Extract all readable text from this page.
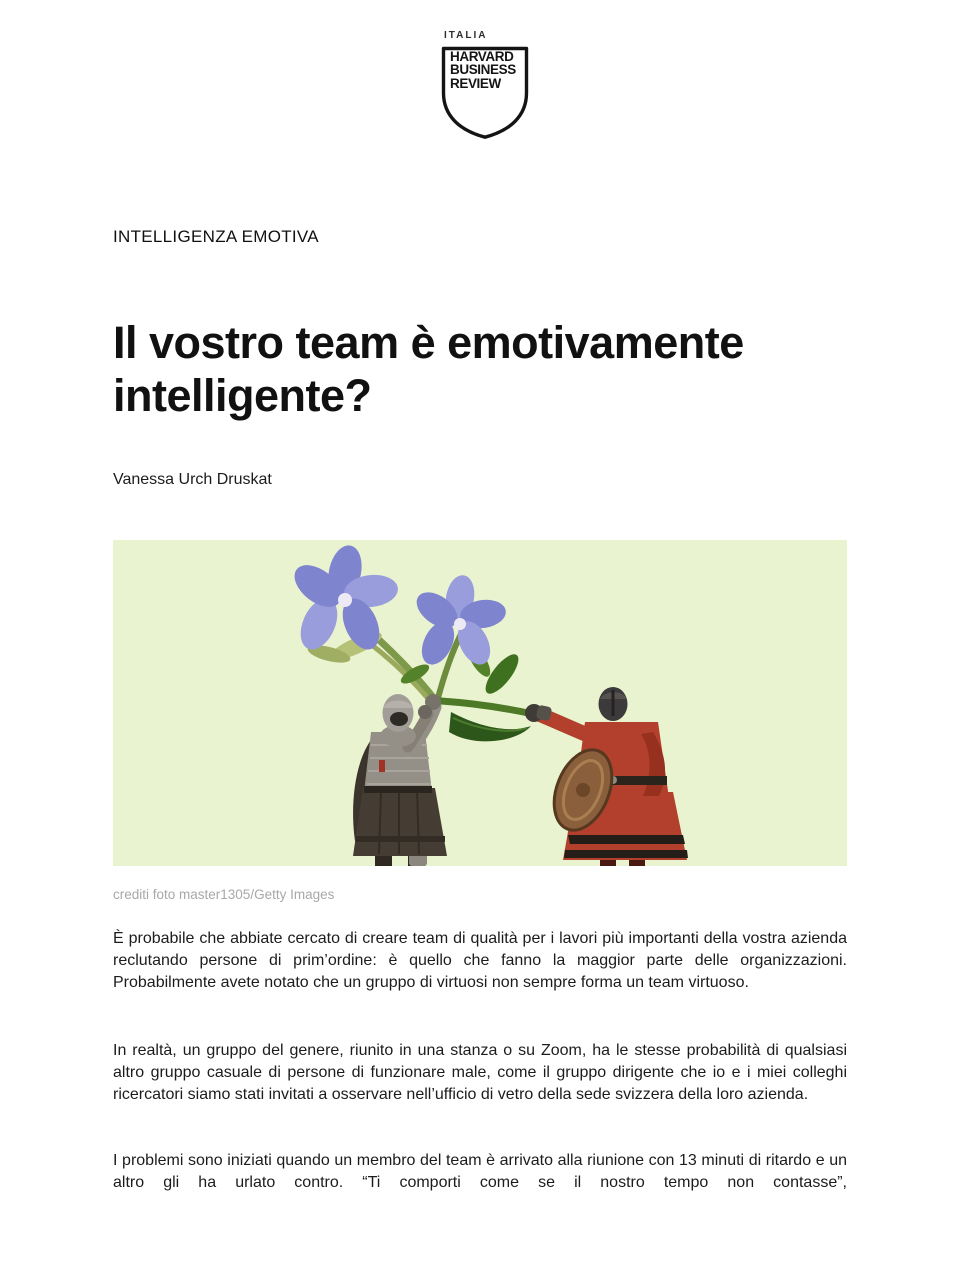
ITALIA
HARVARD
BUSINESS
REVIEW
INTELLIGENZA EMOTIVA
Il vostro team è emotivamente intelligente?
Vanessa Urch Druskat
crediti foto master1305/Getty Images

È probabile che abbiate cercato di creare team di qualità per i lavori più importanti della vostra azienda reclutando persone di prim’ordine: è quello che fanno la maggior parte delle organizzazioni. Probabilmente avete notato che un gruppo di virtuosi non sempre forma un team virtuoso.

In realtà, un gruppo del genere, riunito in una stanza o su Zoom, ha le stesse probabilità di qualsiasi altro gruppo casuale di persone di funzionare male, come il gruppo dirigente che io e i miei colleghi ricercatori siamo stati invitati a osservare nell’ufficio di vetro della sede svizzera della loro azienda.

I problemi sono iniziati quando un membro del team è arrivato alla riunione con 13 minuti di ritardo e un altro gli ha urlato contro. “Ti comporti come se il nostro tempo non contasse”,
